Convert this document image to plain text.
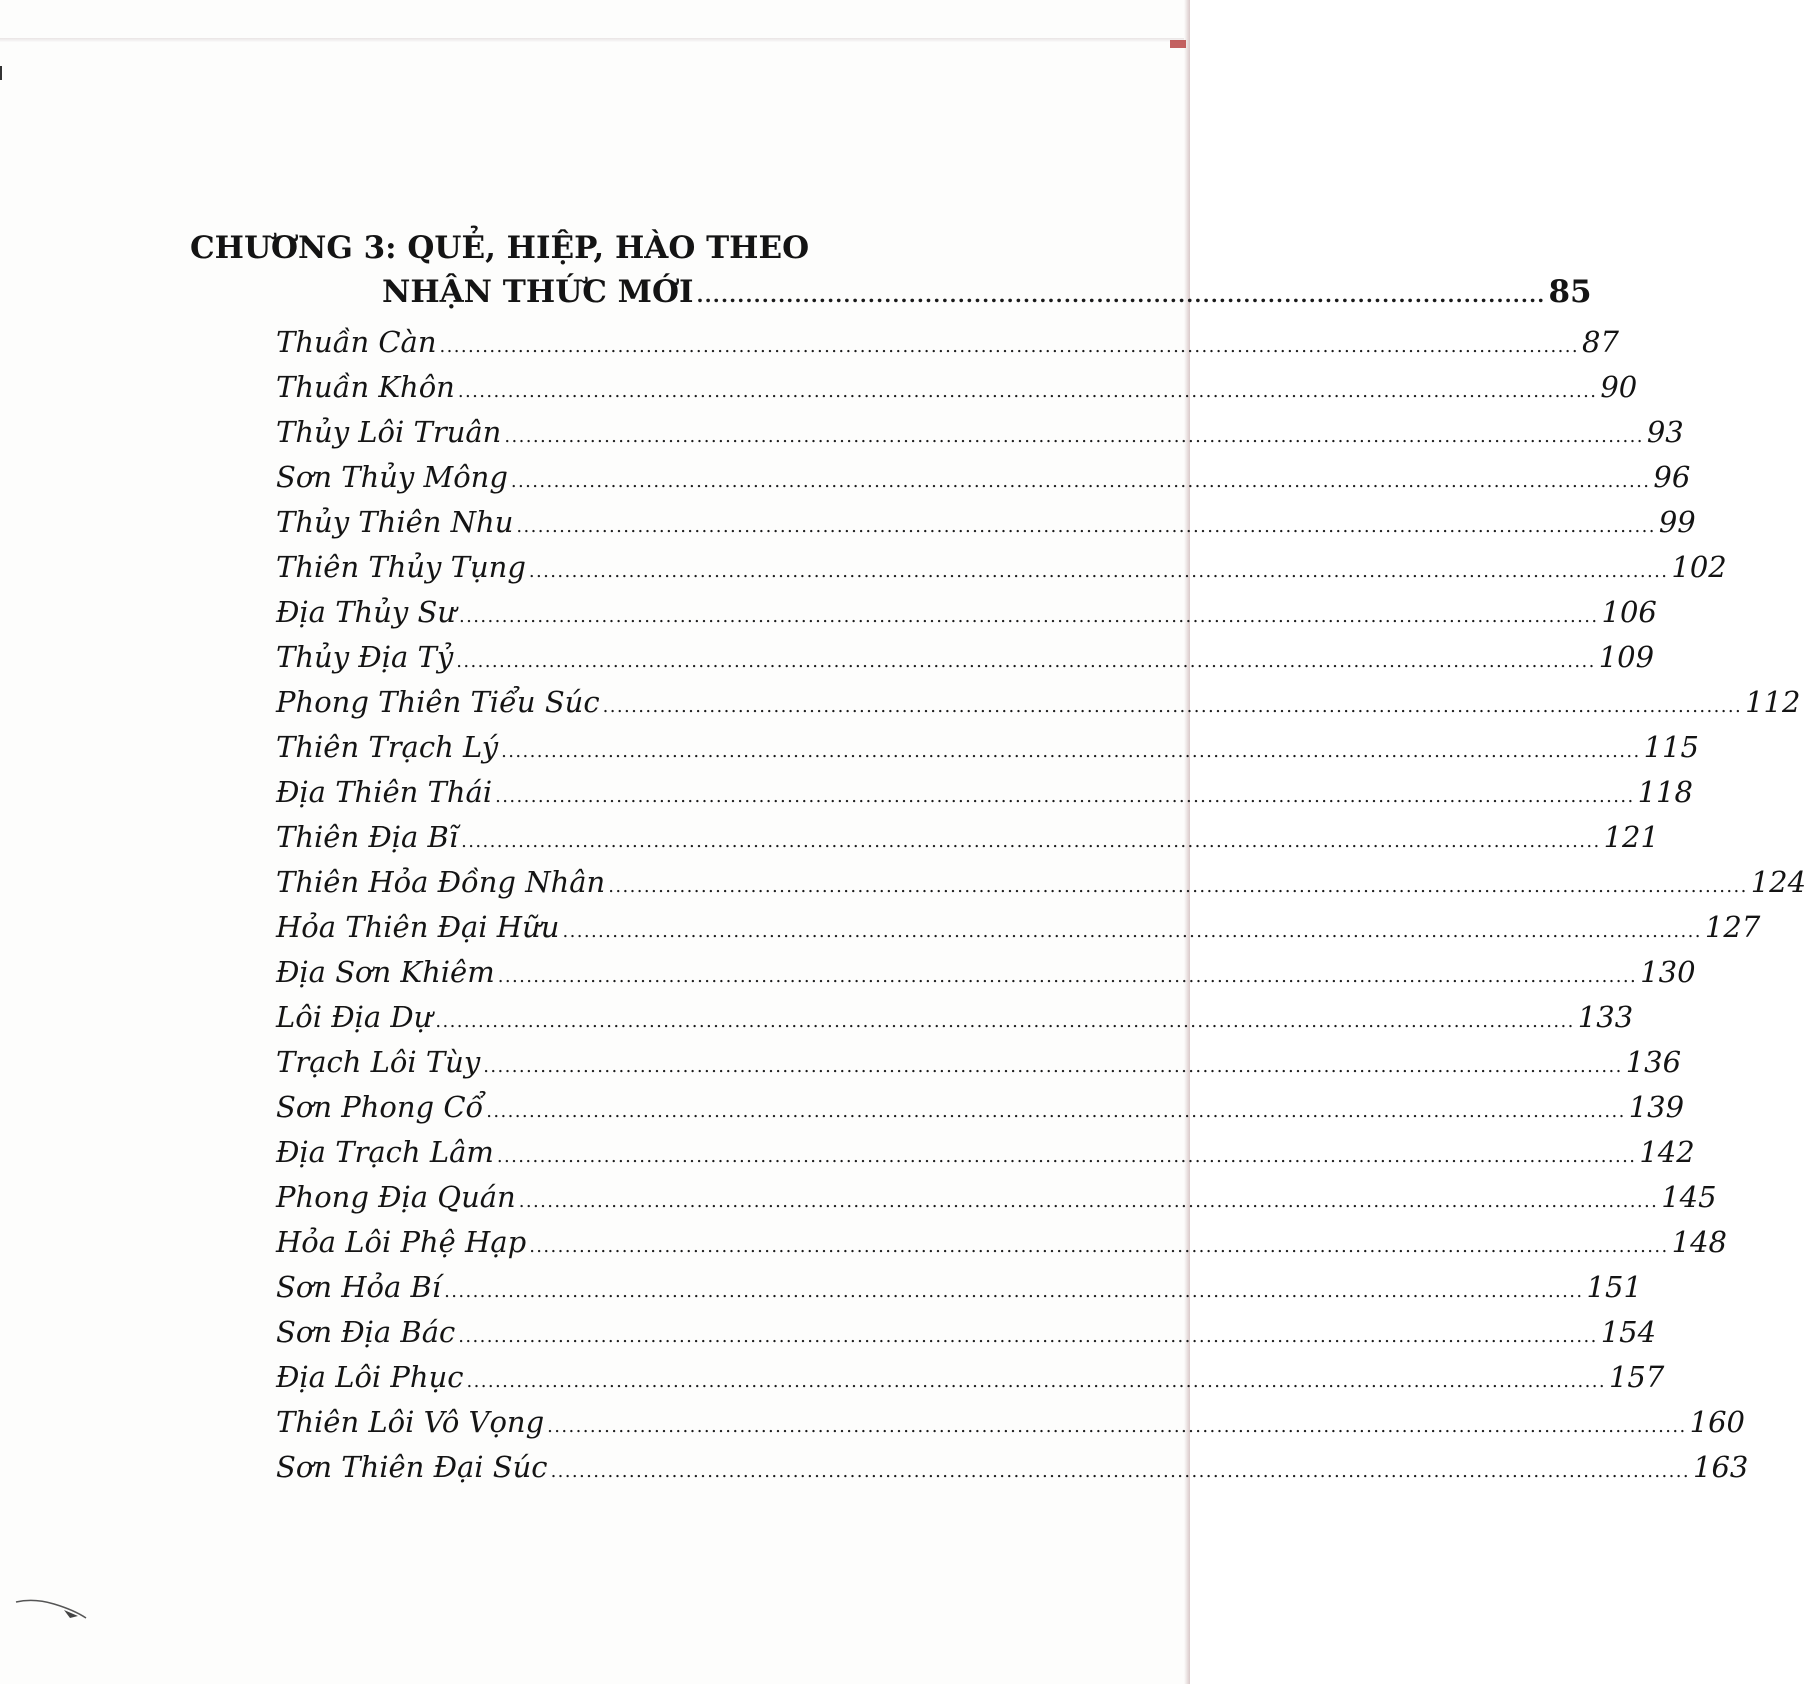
CHƯƠNG 3: QUẺ, HIỆP, HÀO THEO
NHẬN THỨC MỚI ........................................................................................................ 85
Thuần Càn ................................................................................................................................................................ 87
Thuần Khôn ................................................................................................................................................................ 90
Thủy Lôi Truân ................................................................................................................................................................ 93
Sơn Thủy Mông ................................................................................................................................................................ 96
Thủy Thiên Nhu ................................................................................................................................................................ 99
Thiên Thủy Tụng ................................................................................................................................................................ 102
Địa Thủy Sư ................................................................................................................................................................ 106
Thủy Địa Tỷ ................................................................................................................................................................ 109
Phong Thiên Tiểu Súc ................................................................................................................................................................ 112
Thiên Trạch Lý ................................................................................................................................................................ 115
Địa Thiên Thái ................................................................................................................................................................ 118
Thiên Địa Bĩ ................................................................................................................................................................ 121
Thiên Hỏa Đồng Nhân ................................................................................................................................................................ 124
Hỏa Thiên Đại Hữu ................................................................................................................................................................ 127
Địa Sơn Khiêm ................................................................................................................................................................ 130
Lôi Địa Dự ................................................................................................................................................................ 133
Trạch Lôi Tùy ................................................................................................................................................................ 136
Sơn Phong Cổ ................................................................................................................................................................ 139
Địa Trạch Lâm ................................................................................................................................................................ 142
Phong Địa Quán ................................................................................................................................................................ 145
Hỏa Lôi Phệ Hạp ................................................................................................................................................................ 148
Sơn Hỏa Bí ................................................................................................................................................................ 151
Sơn Địa Bác ................................................................................................................................................................ 154
Địa Lôi Phục ................................................................................................................................................................ 157
Thiên Lôi Vô Vọng ................................................................................................................................................................ 160
Sơn Thiên Đại Súc ................................................................................................................................................................ 163
